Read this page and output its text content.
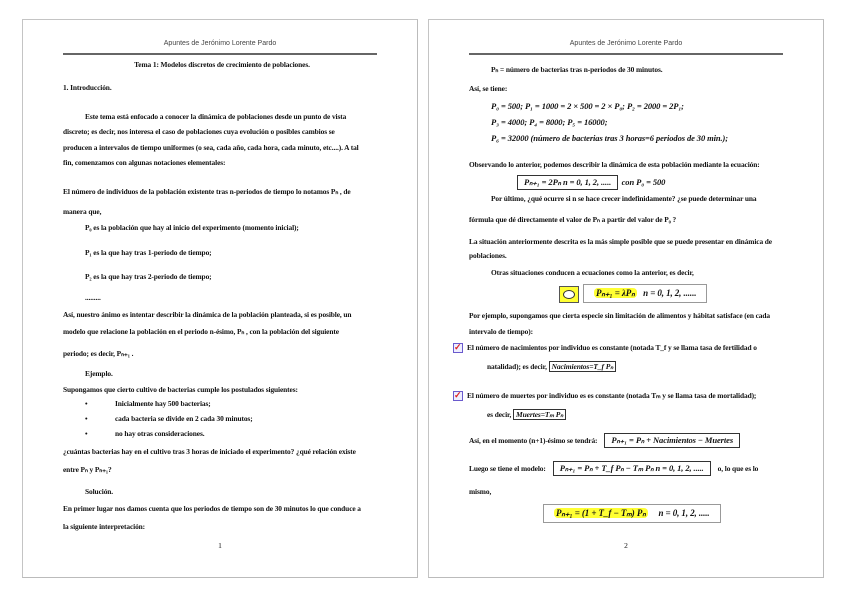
Apuntes de Jerónimo Lorente Pardo
Tema 1: Modelos discretos de crecimiento de poblaciones.
1. Introducción.
Este tema está enfocado a conocer la dinámica de poblaciones desde un punto de vista
discreto; es decir, nos interesa el caso de poblaciones cuya evolución o posibles cambios se
producen a intervalos de tiempo uniformes (o sea, cada año, cada hora, cada minuto, etc....). A tal
fin, comenzamos con algunas notaciones elementales:
El número de individuos de la población existente tras n-periodos de tiempo lo notamos Pₙ , de
manera que,
P₀ es la población que hay al inicio del experimento (momento inicial);
P₁ es la que hay tras 1-periodo de tiempo;
P₂ es la que hay tras 2-periodo de tiempo;
.........
Así, nuestro ánimo es intentar describir la dinámica de la población planteada, si es posible, un
modelo que relacione la población en el periodo n-ésimo, Pₙ , con la población del siguiente
periodo; es decir, Pₙ₊₁ .
Ejemplo.
Supongamos que cierto cultivo de bacterias cumple los postulados siguientes:
•	Inicialmente hay 500 bacterias;
•	cada bacteria se divide en 2 cada 30 minutos;
•	no hay otras consideraciones.
¿cuántas bacterias hay en el cultivo tras 3 horas de iniciado el experimento? ¿qué relación existe
entre Pₙ y Pₙ₊₁?
Solución.
En primer lugar nos damos cuenta que los periodos de tiempo son de 30 minutos lo que conduce a
la siguiente interpretación:
1
Apuntes de Jerónimo Lorente Pardo
Pₙ = número de bacterias tras n-periodos de 30 minutos.
Así, se tiene:
P₀ = 500; P₁ = 1000 = 2 × 500 = 2 × P₀; P₂ = 2000 = 2P₁;
P₃ = 4000; P₄ = 8000; P₅ = 16000;
P₆ = 32000 (número de bacterias tras 3 horas=6 periodos de 30 min.);
Observando lo anterior, podemos describir la dinámica de esta población mediante la ecuación:
Pₙ₊₁ = 2Pₙ n = 0, 1, 2, ..... con P₀ = 500
Por último, ¿qué ocurre si n se hace crecer indefinidamente? ¿se puede determinar una
fórmula que dé directamente el valor de Pₙ a partir del valor de P₀ ?
La situación anteriormente descrita es la más simple posible que se puede presentar en dinámica de
poblaciones.
Otras situaciones conducen a ecuaciones como la anterior, es decir,
Pₙ₊₁ = λPₙ n = 0, 1, 2, ......
Por ejemplo, supongamos que cierta especie sin limitación de alimentos y hábitat satisface (en cada
intervalo de tiempo):
✓ El número de nacimientos por individuo es constante (notada T_f y se llama tasa de fertilidad o
natalidad); es decir, Nacimientos=T_f Pₙ
✓ El número de muertes por individuo es es constante (notada Tₘ y se llama tasa de mortalidad);
es decir, Muertes=Tₘ Pₙ
Así, en el momento (n+1)-ésimo se tendrá: Pₙ₊₁ = Pₙ + Nacimientos − Muertes
Luego se tiene el modelo: Pₙ₊₁ = Pₙ + T_f Pₙ − Tₘ Pₙ n = 0, 1, 2, ..... o, lo que es lo
mismo,
Pₙ₊₁ = (1 + T_f − Tₘ) Pₙ n = 0, 1, 2, .....
2
